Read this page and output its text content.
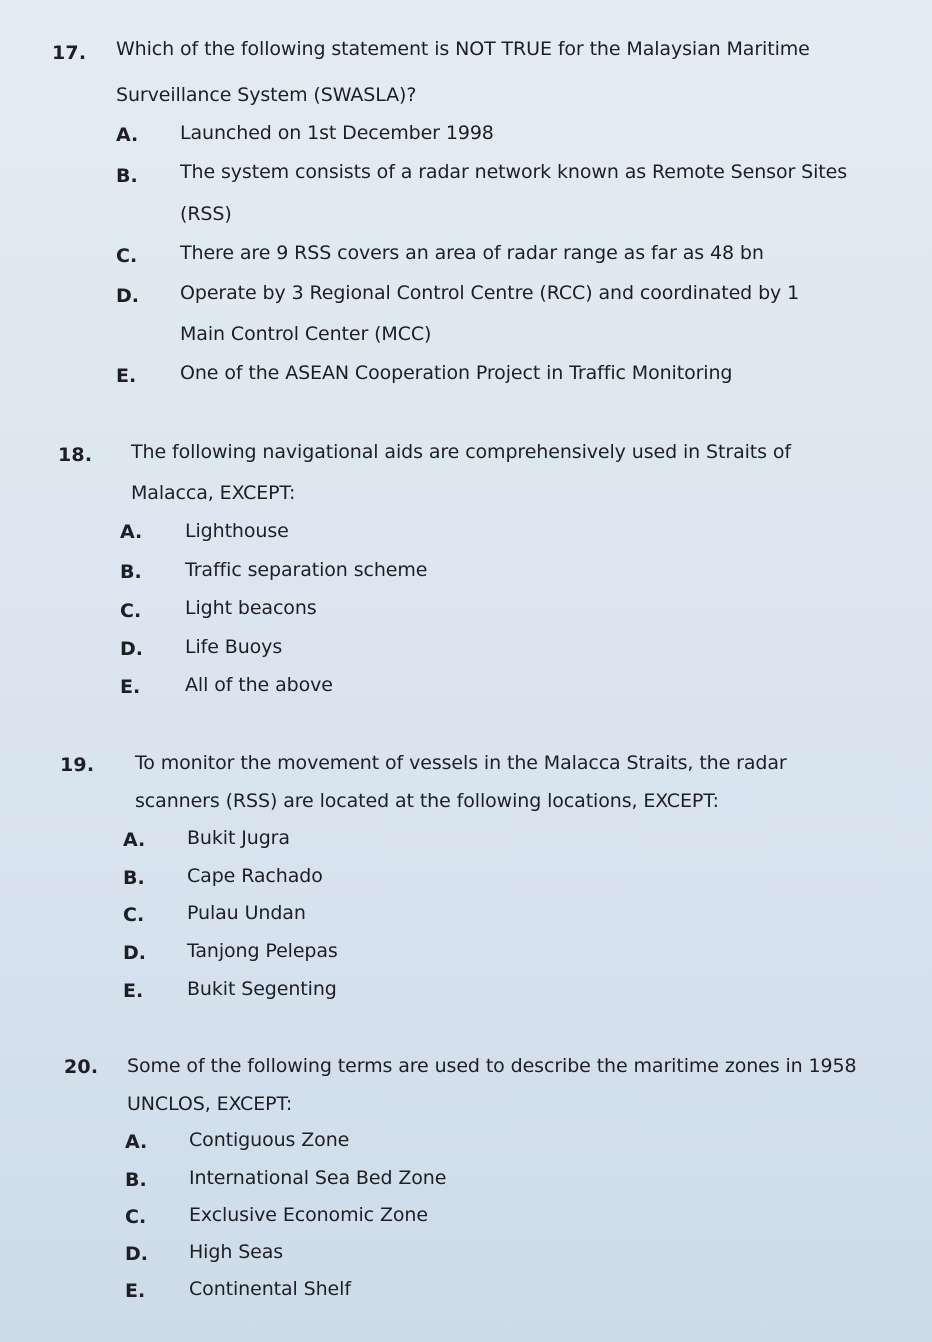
17. Which of the following statement is NOT TRUE for the Malaysian Maritime
Surveillance System (SWASLA)?
A. Launched on 1st December 1998
B. The system consists of a radar network known as Remote Sensor Sites
(RSS)
C. There are 9 RSS covers an area of radar range as far as 48 bn
D. Operate by 3 Regional Control Centre (RCC) and coordinated by 1
Main Control Center (MCC)
E. One of the ASEAN Cooperation Project in Traffic Monitoring
18. The following navigational aids are comprehensively used in Straits of
Malacca, EXCEPT:
A. Lighthouse
B. Traffic separation scheme
C. Light beacons
D. Life Buoys
E. All of the above
19. To monitor the movement of vessels in the Malacca Straits, the radar
scanners (RSS) are located at the following locations, EXCEPT:
A. Bukit Jugra
B. Cape Rachado
C. Pulau Undan
D. Tanjong Pelepas
E. Bukit Segenting
20. Some of the following terms are used to describe the maritime zones in 1958
UNCLOS, EXCEPT:
A. Contiguous Zone
B. International Sea Bed Zone
C. Exclusive Economic Zone
D. High Seas
E. Continental Shelf
